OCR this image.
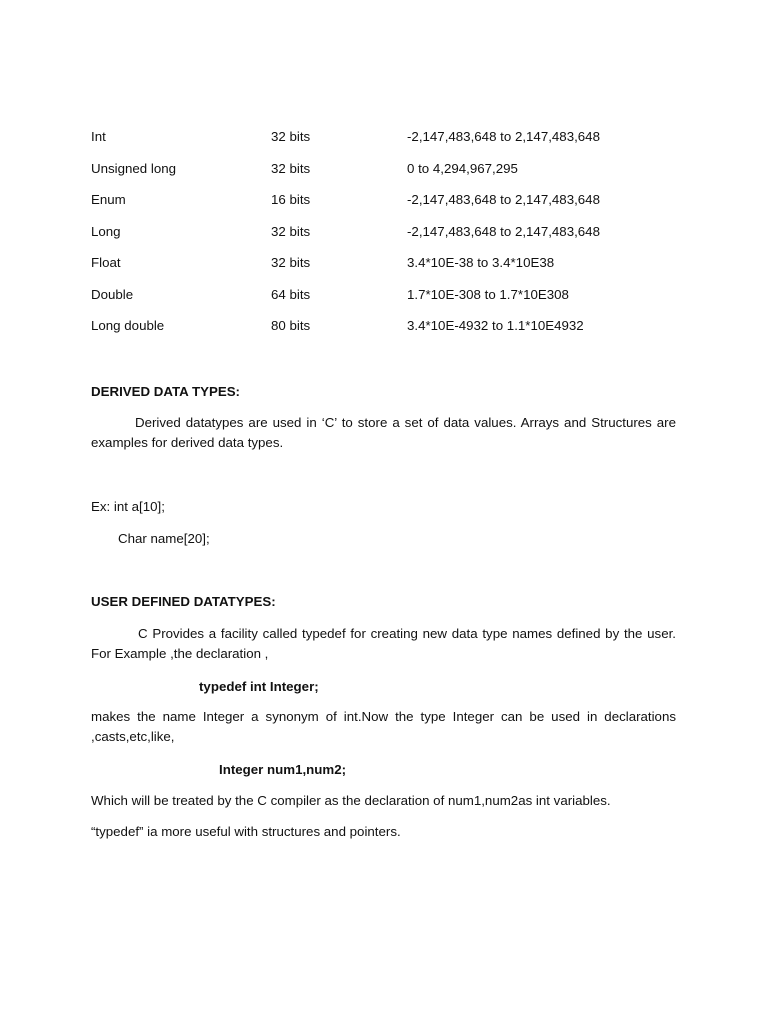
Int	32 bits	-2,147,483,648 to 2,147,483,648
Unsigned long	32 bits	0 to 4,294,967,295
Enum	16 bits	-2,147,483,648 to 2,147,483,648
Long	32 bits	-2,147,483,648 to 2,147,483,648
Float	32 bits	3.4*10E-38 to 3.4*10E38
Double	64 bits	1.7*10E-308 to 1.7*10E308
Long double	80 bits	3.4*10E-4932 to 1.1*10E4932
DERIVED DATA TYPES:
Derived datatypes are used in ‘C’ to store a set of data values. Arrays and Structures are examples for derived data types.
Ex: int a[10];
Char name[20];
USER DEFINED DATATYPES:
C Provides a facility called typedef for creating new data type names defined by the user. For Example ,the declaration ,
typedef int Integer;
makes the name Integer a synonym of int.Now the type Integer can be used in declarations ,casts,etc,like,
Integer num1,num2;
Which will be treated by the C compiler as the declaration of num1,num2as int variables.
“typedef” ia more useful with structures and pointers.
